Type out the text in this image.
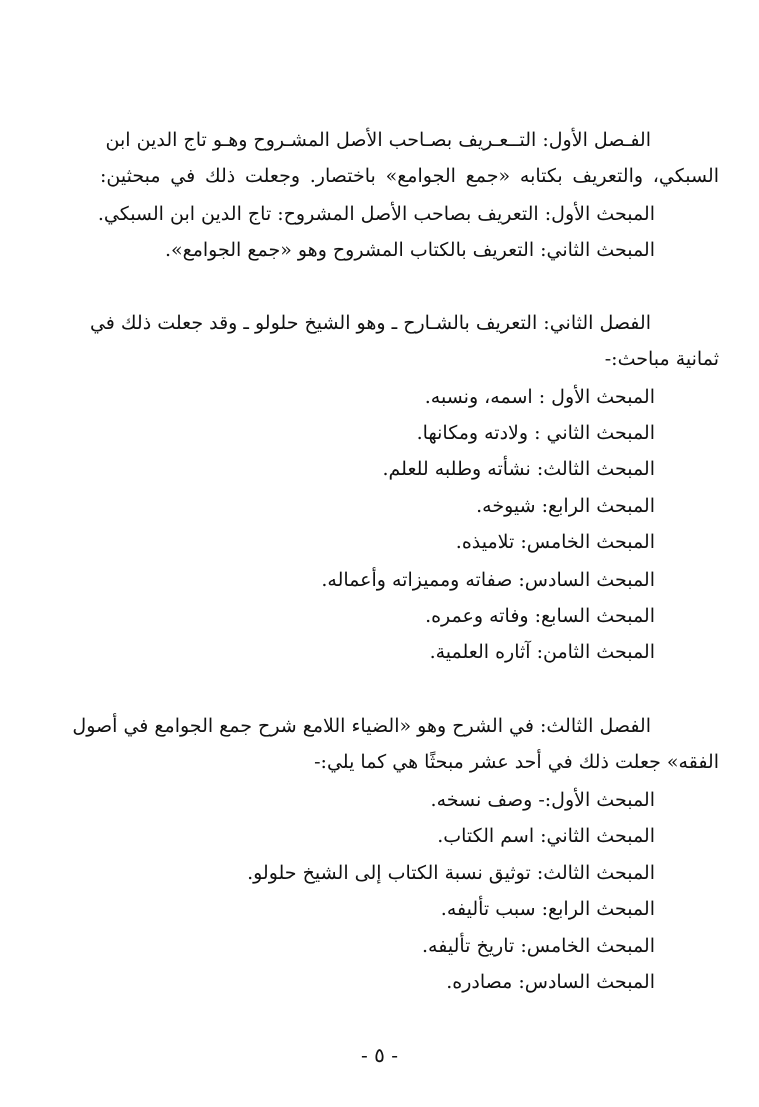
الفـصل الأول: التــعـريف بصـاحب الأصل المشـروح وهـو تاج الدين ابن
السبكي، والتعريف بكتابه «جمع الجوامع» باختصار. وجعلت ذلك في مبحثين:
المبحث الأول: التعريف بصاحب الأصل المشروح: تاج الدين ابن السبكي.
المبحث الثاني: التعريف بالكتاب المشروح وهو «جمع الجوامع».
الفصل الثاني: التعريف بالشـارح ـ وهو الشيخ حلولو ـ وقد جعلت ذلك في
ثمانية مباحث:-
المبحث الأول : اسمه، ونسبه.
المبحث الثاني : ولادته ومكانها.
المبحث الثالث: نشأته وطلبه للعلم.
المبحث الرابع: شيوخه.
المبحث الخامس: تلاميذه.
المبحث السادس: صفاته ومميزاته وأعماله.
المبحث السابع: وفاته وعمره.
المبحث الثامن: آثاره العلمية.
الفصل الثالث: في الشرح وهو «الضياء اللامع شرح جمع الجوامع في أصول
الفقه» جعلت ذلك في أحد عشر مبحثًا هي كما يلي:-
المبحث الأول:- وصف نسخه.
المبحث الثاني: اسم الكتاب.
المبحث الثالث: توثيق نسبة الكتاب إلى الشيخ حلولو.
المبحث الرابع: سبب تأليفه.
المبحث الخامس: تاريخ تأليفه.
المبحث السادس: مصادره.
- ٥ -
